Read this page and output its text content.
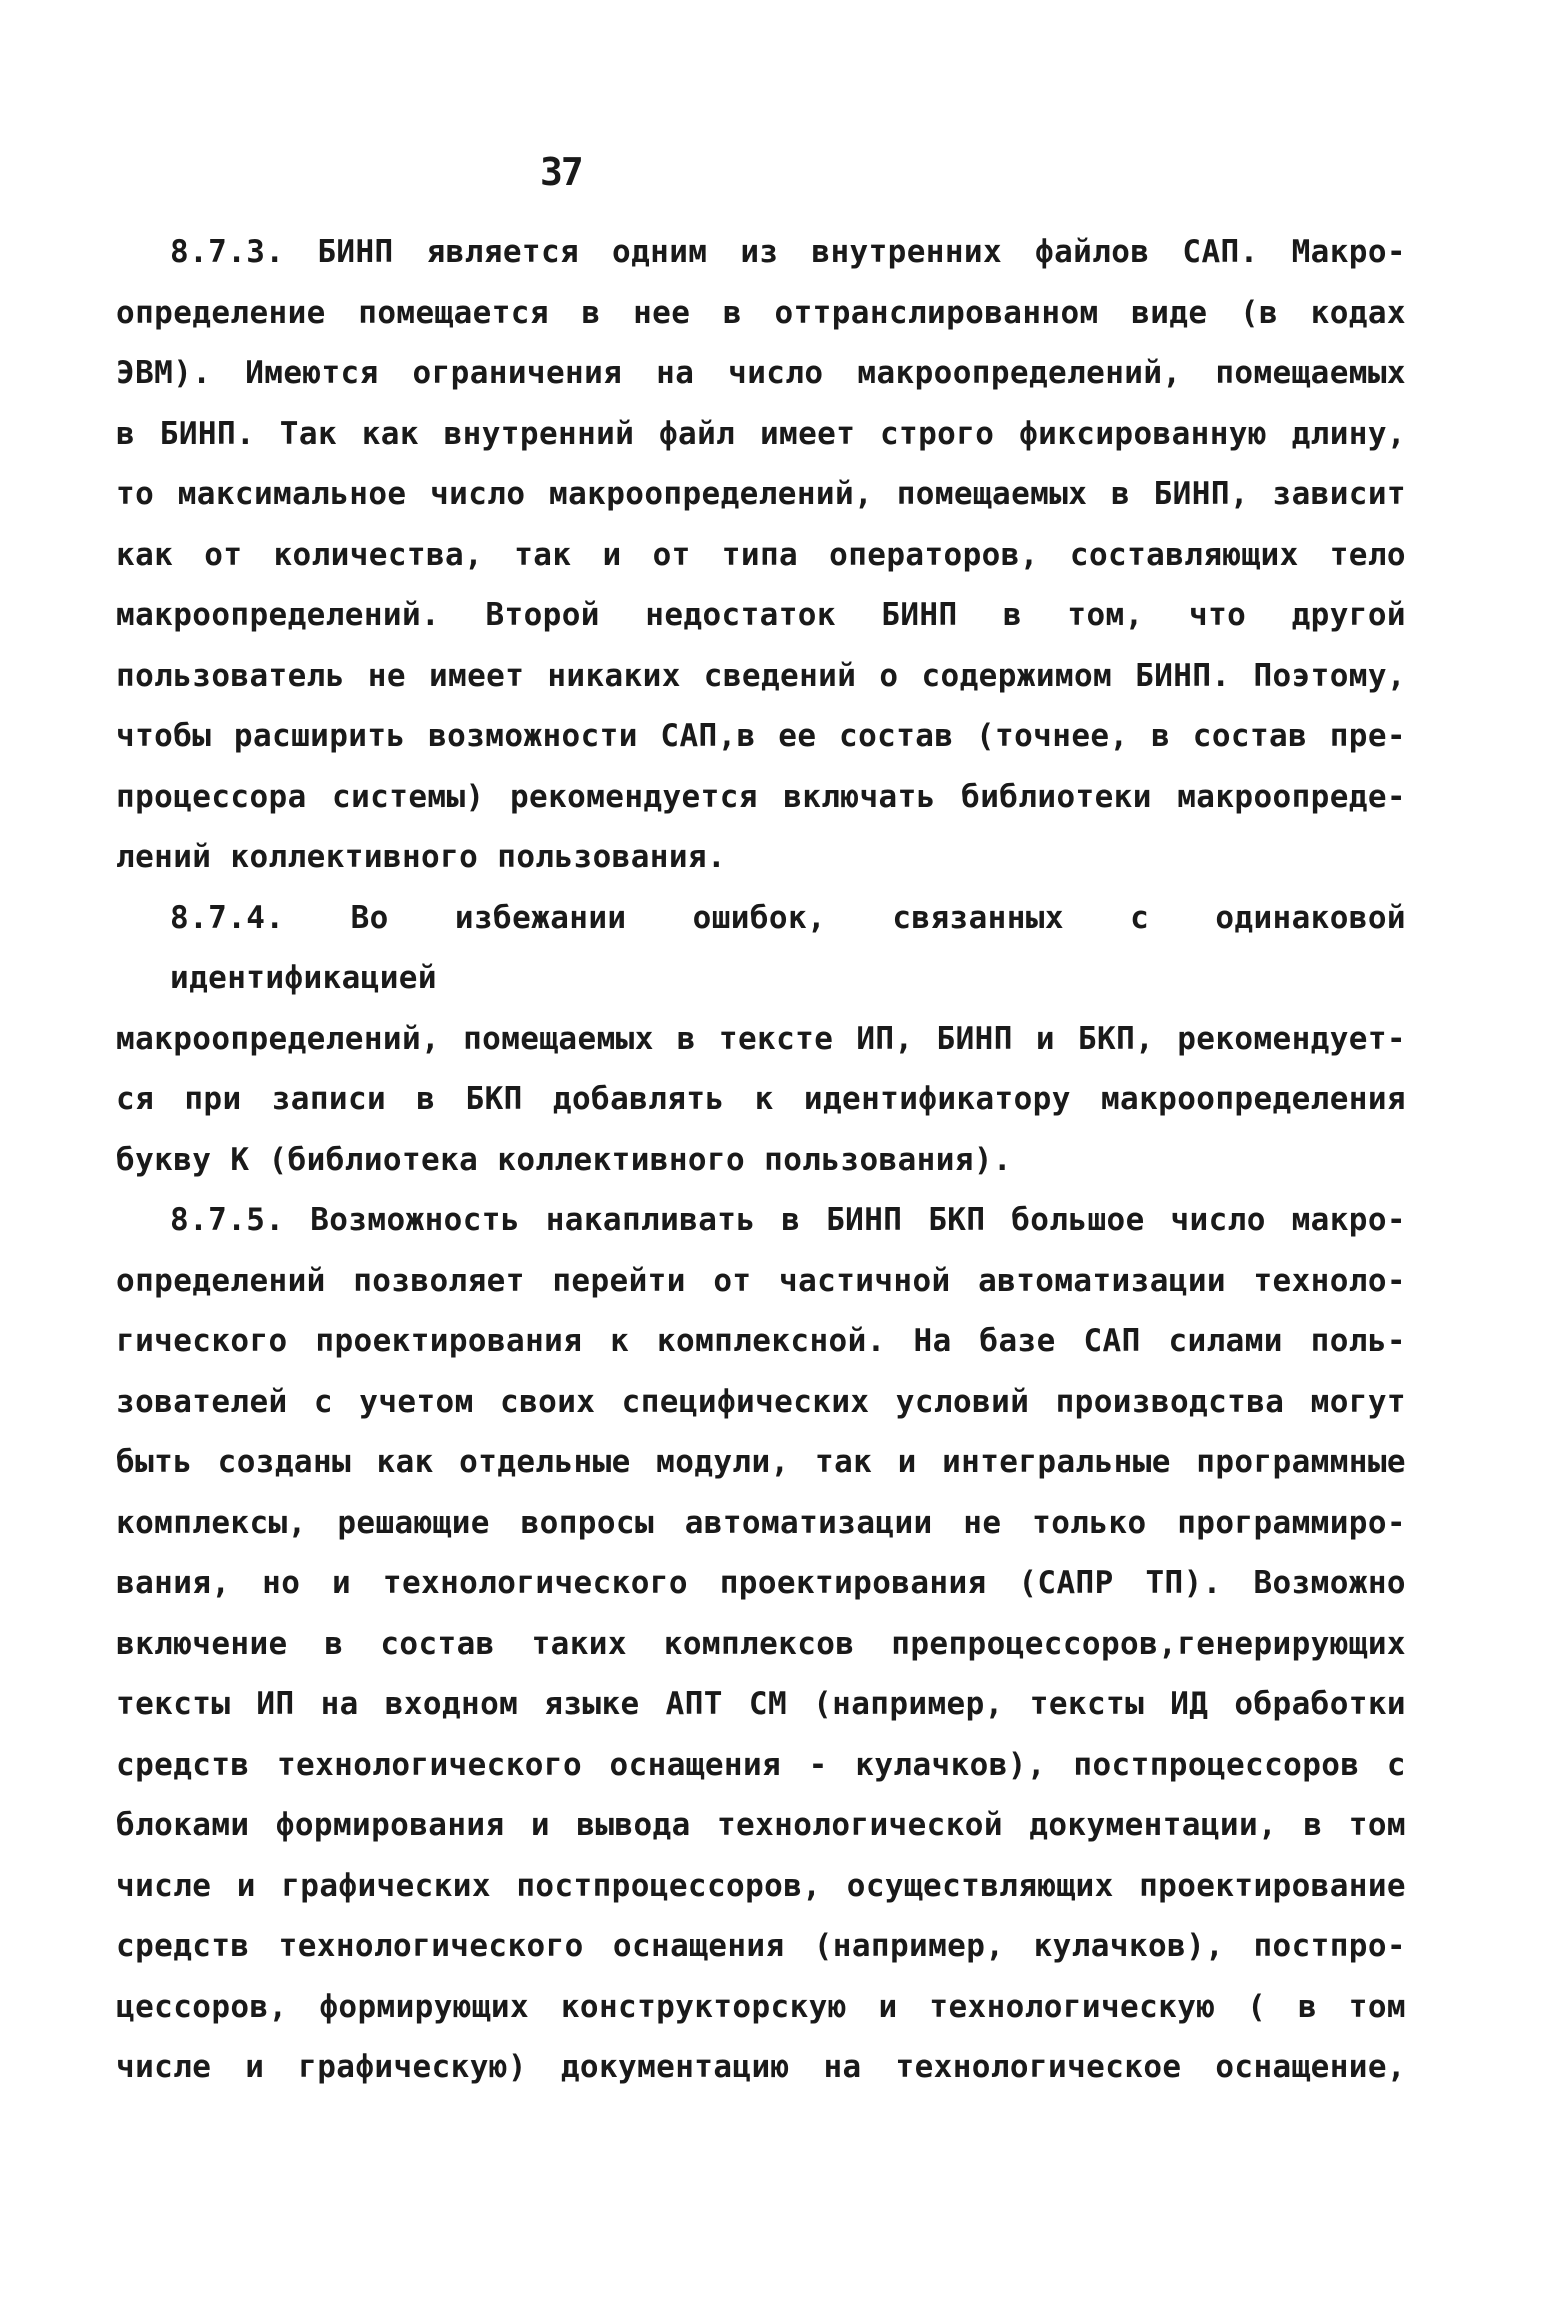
37

8.7.3. БИНП является одним из внутренних файлов САП. Макро-
определение помещается в нее в оттранслированном виде (в кодах
ЭВМ). Имеются ограничения на число макроопределений, помещаемых
в БИНП. Так как внутренний файл имеет строго фиксированную длину,
то максимальное число макроопределений, помещаемых в БИНП, зависит
как от количества, так и от типа операторов, составляющих тело
макроопределений. Второй недостаток БИНП в том, что другой
пользователь не имеет никаких сведений о содержимом БИНП. Поэтому,
чтобы расширить возможности САП,в ее состав (точнее, в состав пре-
процессора системы) рекомендуется включать библиотеки макроопреде-
лений коллективного пользования.

8.7.4. Во избежании ошибок, связанных с одинаковой идентификацией
макроопределений, помещаемых в тексте ИП, БИНП и БКП, рекомендует-
ся при записи в БКП добавлять к идентификатору макроопределения
букву К (библиотека коллективного пользования).

8.7.5. Возможность накапливать в БИНП БКП большое число макро-
определений позволяет перейти от частичной автоматизации техноло-
гического проектирования к комплексной. На базе САП силами поль-
зователей с учетом своих специфических условий производства могут
быть созданы как отдельные модули, так и интегральные программные
комплексы, решающие вопросы автоматизации не только программиро-
вания, но и технологического проектирования (САПР ТП). Возможно
включение в состав таких комплексов препроцессоров,генерирующих
тексты ИП на входном языке АПТ СМ (например, тексты ИД обработки
средств технологического оснащения - кулачков), постпроцессоров с
блоками формирования и вывода технологической документации, в том
числе и графических постпроцессоров, осуществляющих проектирование
средств технологического оснащения (например, кулачков), постпро-
цессоров, формирующих конструкторскую и технологическую ( в том
числе и графическую) документацию на технологическое оснащение,
